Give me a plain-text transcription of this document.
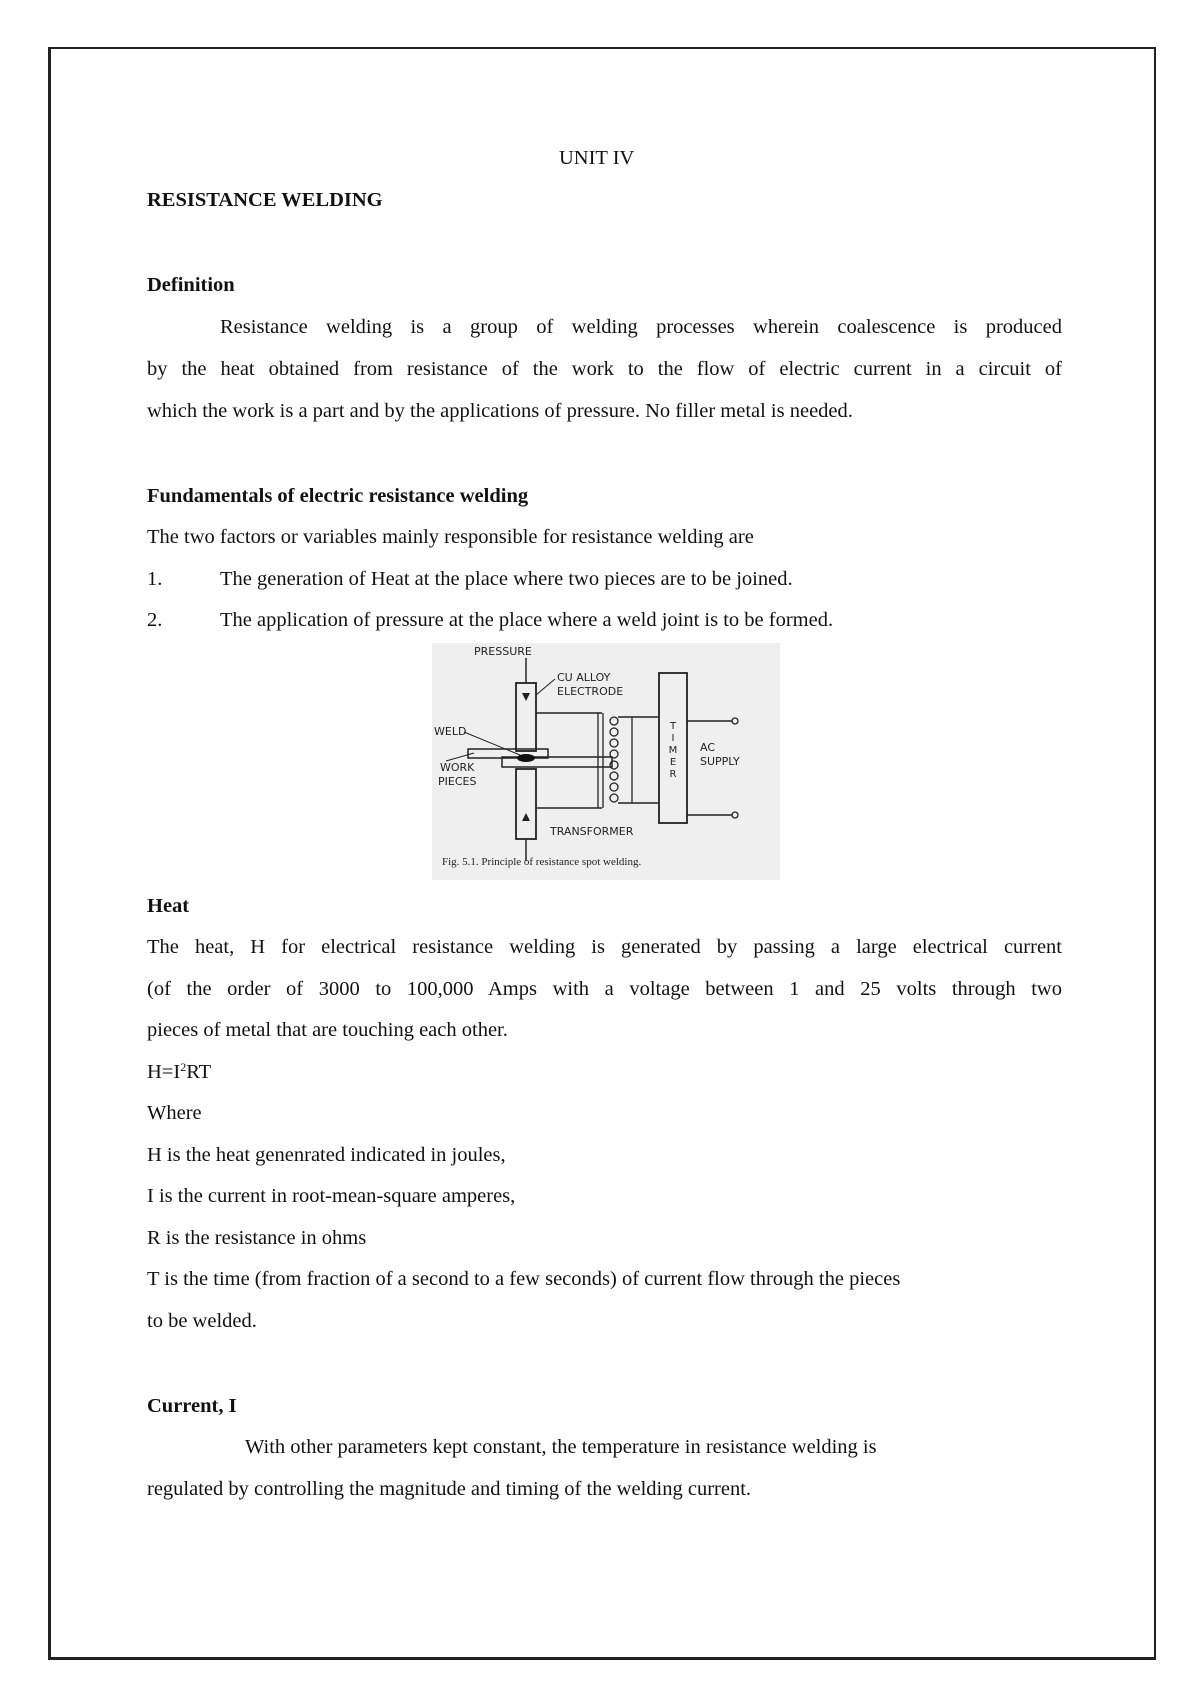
UNIT IV
RESISTANCE WELDING
Definition
Resistance welding is a group of welding processes wherein coalescence is produced
by the heat obtained from resistance of the work to the flow of electric current in a circuit of
which the work is a part and by the applications of pressure. No filler metal is needed.
Fundamentals of electric resistance welding
The two factors or variables mainly responsible for resistance welding are
1.	The generation of Heat at the place where two pieces are to be joined.
2.	The application of pressure at the place where a weld joint is to be formed.
PRESSURE
CU ALLOY
ELECTRODE
WELD
WORK
PIECES
T
I
M
E
R
AC
SUPPLY
TRANSFORMER
Fig. 5.1. Principle of resistance spot welding.
Heat
The heat, H for electrical resistance welding is generated by passing a large electrical current
(of the order of 3000 to 100,000 Amps with a voltage between 1 and 25 volts through two
pieces of metal that are touching each other.
$H=I^2RT$
Where
H is the heat genenrated indicated in joules,
I is the current in root-mean-square amperes,
R is the resistance in ohms
T is the time (from fraction of a second to a few seconds) of current flow through the pieces
to be welded.
Current, I
With other parameters kept constant, the temperature in resistance welding is
regulated by controlling the magnitude and timing of the welding current.
